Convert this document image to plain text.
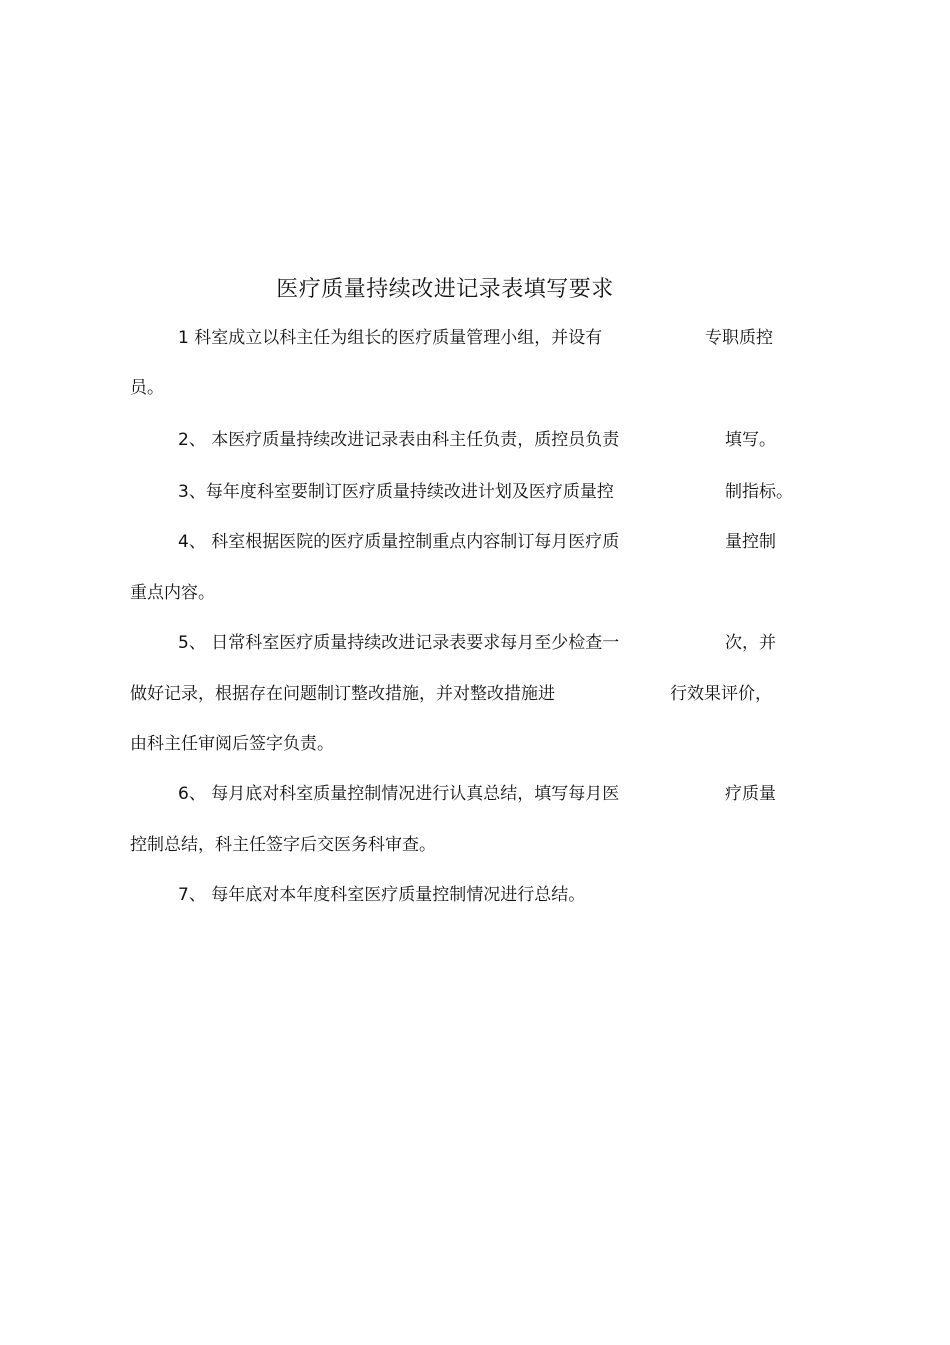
医疗质量持续改进记录表填写要求
1 科室成立以科主任为组长的医疗质量管理小组，并设有	专职质控
员。
2、 本医疗质量持续改进记录表由科主任负责，质控员负责	填写。
3、每年度科室要制订医疗质量持续改进计划及医疗质量控	制指标。
4、 科室根据医院的医疗质量控制重点内容制订每月医疗质	量控制
重点内容。
5、 日常科室医疗质量持续改进记录表要求每月至少检查一	次，并
做好记录，根据存在问题制订整改措施，并对整改措施进	行效果评价，
由科主任审阅后签字负责。
6、 每月底对科室质量控制情况进行认真总结，填写每月医	疗质量
控制总结，科主任签字后交医务科审查。
7、 每年底对本年度科室医疗质量控制情况进行总结。
